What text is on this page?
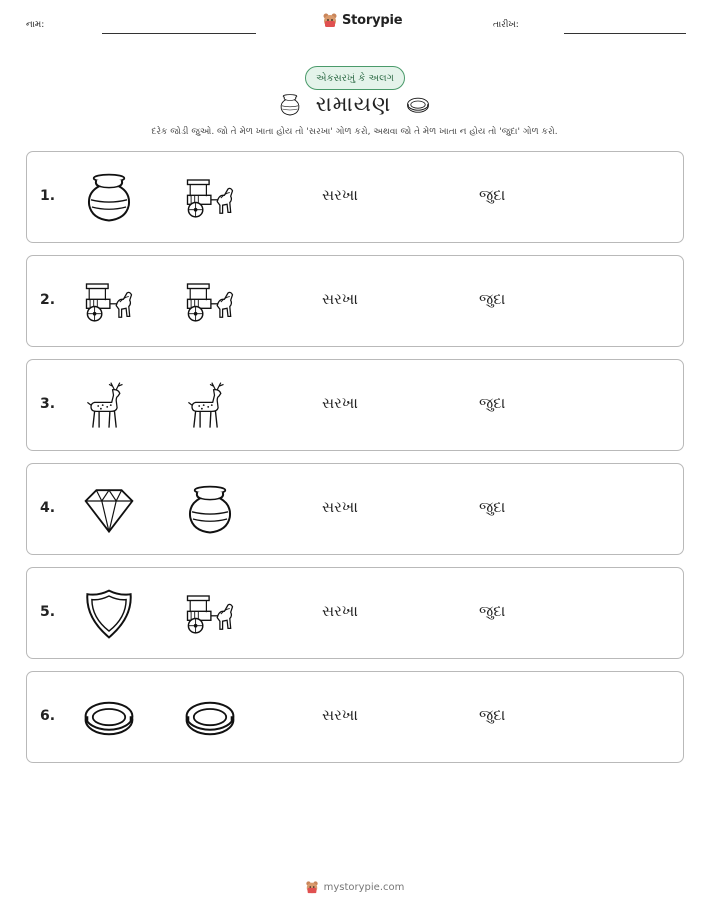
નામ:	Storypie	તારીખ:
એકસરખું કે અલગ
રામાયણ
દરેક જોડી જુઓ. જો તે મેળ ખાતા હોય તો 'સરખા' ગોળ કરો, અથવા જો તે મેળ ખાતા ન હોય તો 'જુદા' ગોળ કરો.
1.	સરખા	જુદા
2.	સરખા	જુદા
3.	સરખા	જુદા
4.	સરખા	જુદા
5.	સરખા	જુદા
6.	સરખા	જુદા
mystorypie.com
